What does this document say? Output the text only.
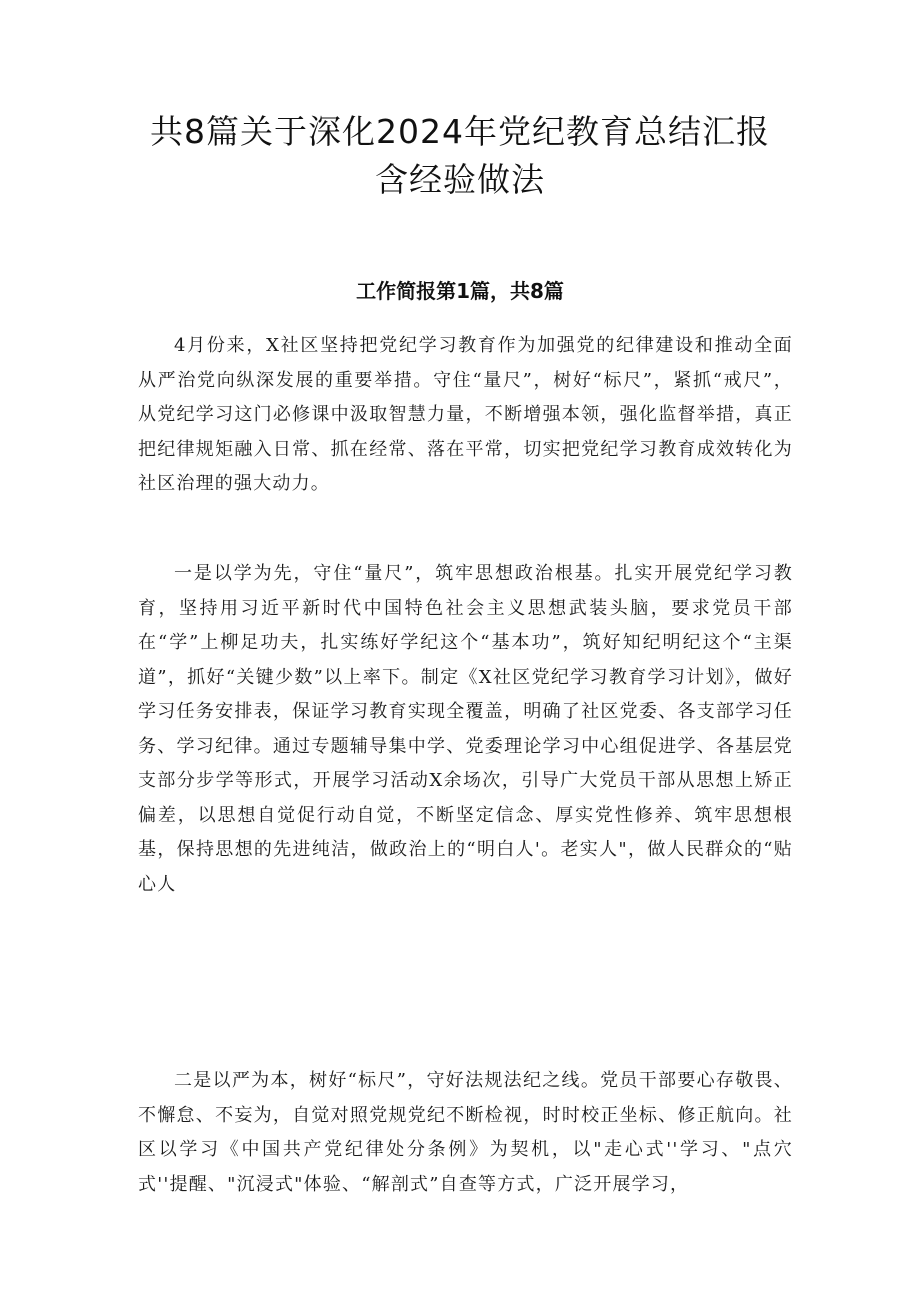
共8篇关于深化2024年党纪教育总结汇报
含经验做法
工作简报第1篇，共8篇

4月份来，X社区坚持把党纪学习教育作为加强党的纪律建设和推动全面从严治党向纵深发展的重要举措。守住“量尺”，树好“标尺”，紧抓“戒尺”，从党纪学习这门必修课中汲取智慧力量，不断增强本领，强化监督举措，真正把纪律规矩融入日常、抓在经常、落在平常，切实把党纪学习教育成效转化为社区治理的强大动力。

一是以学为先，守住“量尺”，筑牢思想政治根基。扎实开展党纪学习教育，坚持用习近平新时代中国特色社会主义思想武装头脑，要求党员干部在“学”上柳足功夫，扎实练好学纪这个“基本功”，筑好知纪明纪这个“主渠道”，抓好“关键少数”以上率下。制定《X社区党纪学习教育学习计划》，做好学习任务安排表，保证学习教育实现全覆盖，明确了社区党委、各支部学习任务、学习纪律。通过专题辅导集中学、党委理论学习中心组促进学、各基层党支部分步学等形式，开展学习活动X余场次，引导广大党员干部从思想上矫正偏差，以思想自觉促行动自觉，不断坚定信念、厚实党性修养、筑牢思想根基，保持思想的先进纯洁，做政治上的“明白人'。老实人"，做人民群众的“贴心人

二是以严为本，树好“标尺”，守好法规法纪之线。党员干部要心存敬畏、不懈怠、不妄为，自觉对照党规党纪不断检视，时时校正坐标、修正航向。社区以学习《中国共产党纪律处分条例》为契机，以"走心式''学习、"点穴式''提醒、"沉浸式"体验、“解剖式”自查等方式，广泛开展学习，
